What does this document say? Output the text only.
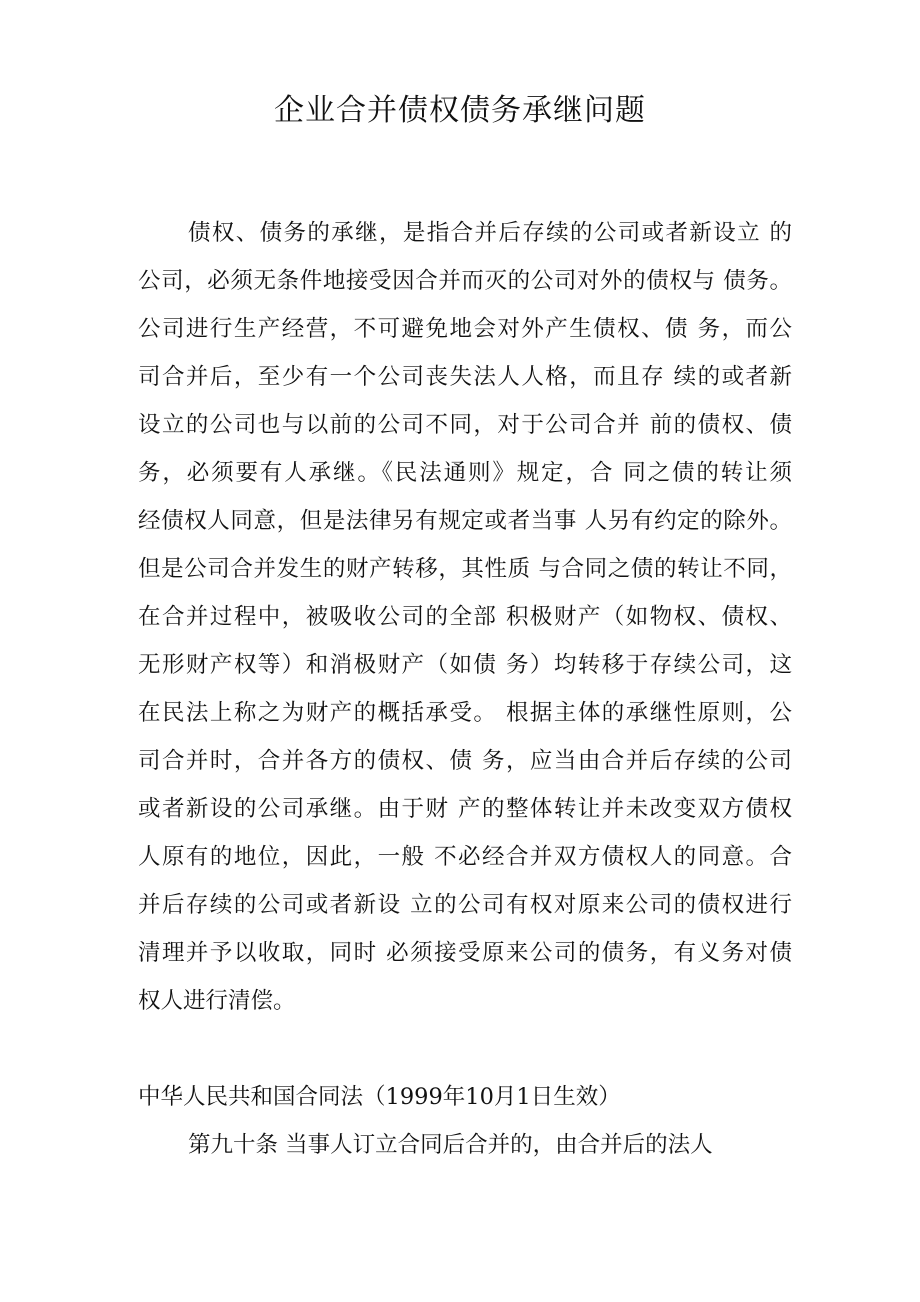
企业合并债权债务承继问题
债权、债务的承继，是指合并后存续的公司或者新设立 的
公司，必须无条件地接受因合并而灭的公司对外的债权与 债务。
公司进行生产经营，不可避免地会对外产生债权、债 务，而公
司合并后，至少有一个公司丧失法人人格，而且存 续的或者新
设立的公司也与以前的公司不同，对于公司合并 前的债权、债
务，必须要有人承继。《民法通则》规定，合 同之债的转让须
经债权人同意，但是法律另有规定或者当事 人另有约定的除外。
但是公司合并发生的财产转移，其性质 与合同之债的转让不同，
在合并过程中，被吸收公司的全部 积极财产（如物权、债权、
无形财产权等）和消极财产（如债 务）均转移于存续公司，这
在民法上称之为财产的概括承受。 根据主体的承继性原则，公
司合并时，合并各方的债权、债 务，应当由合并后存续的公司
或者新设的公司承继。由于财 产的整体转让并未改变双方债权
人原有的地位，因此，一般 不必经合并双方债权人的同意。合
并后存续的公司或者新设 立的公司有权对原来公司的债权进行
清理并予以收取，同时 必须接受原来公司的债务，有义务对债
权人进行清偿。
中华人民共和国合同法（1999年10月1日生效）
第九十条 当事人订立合同后合并的，由合并后的法人
